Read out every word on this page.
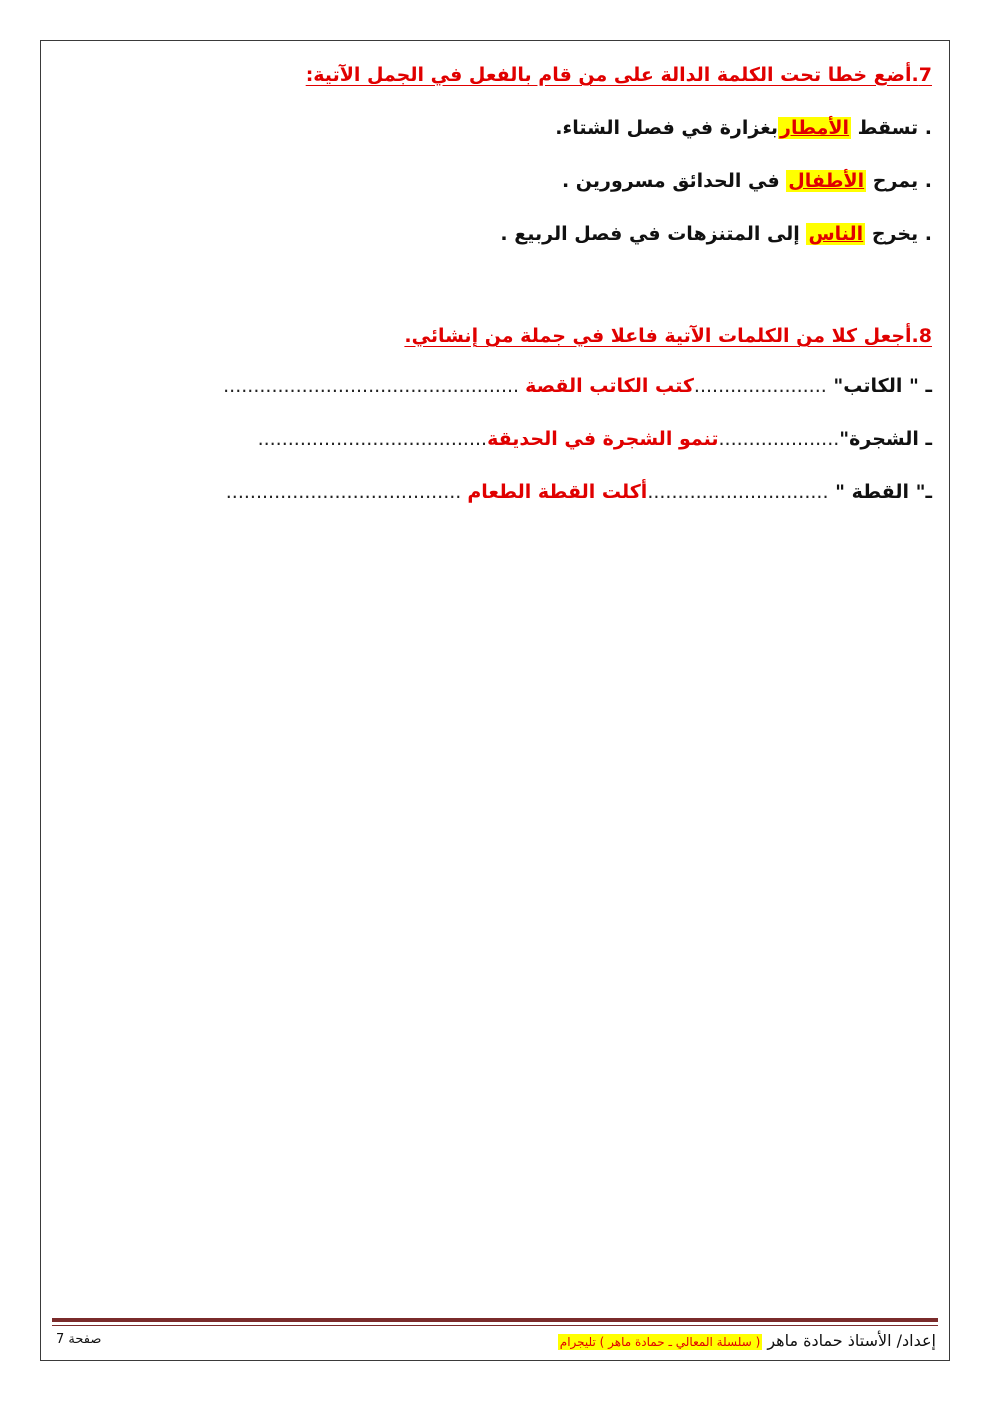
7.أضع خطا تحت الكلمة الدالة على من قام بالفعل في الجمل الآتية:
. تسقط الأمطاربغزارة في فصل الشتاء.
. يمرح الأطفال في الحدائق مسرورين .
. يخرج الناس إلى المتنزهات في فصل الربيع .
8.أجعل كلا من الكلمات الآتية فاعلا في جملة من إنشائي.
ـ " الكاتب" ......................كتب الكاتب القصة .................................................
ـ الشجرة"....................تنمو الشجرة في الحديقة......................................
ـ" القطة " ..............................أكلت القطة الطعام .......................................
إعداد/ الأستاذ حمادة ماهر ( سلسلة المعالي ـ حمادة ماهر ) تليجرام
صفحة 7
